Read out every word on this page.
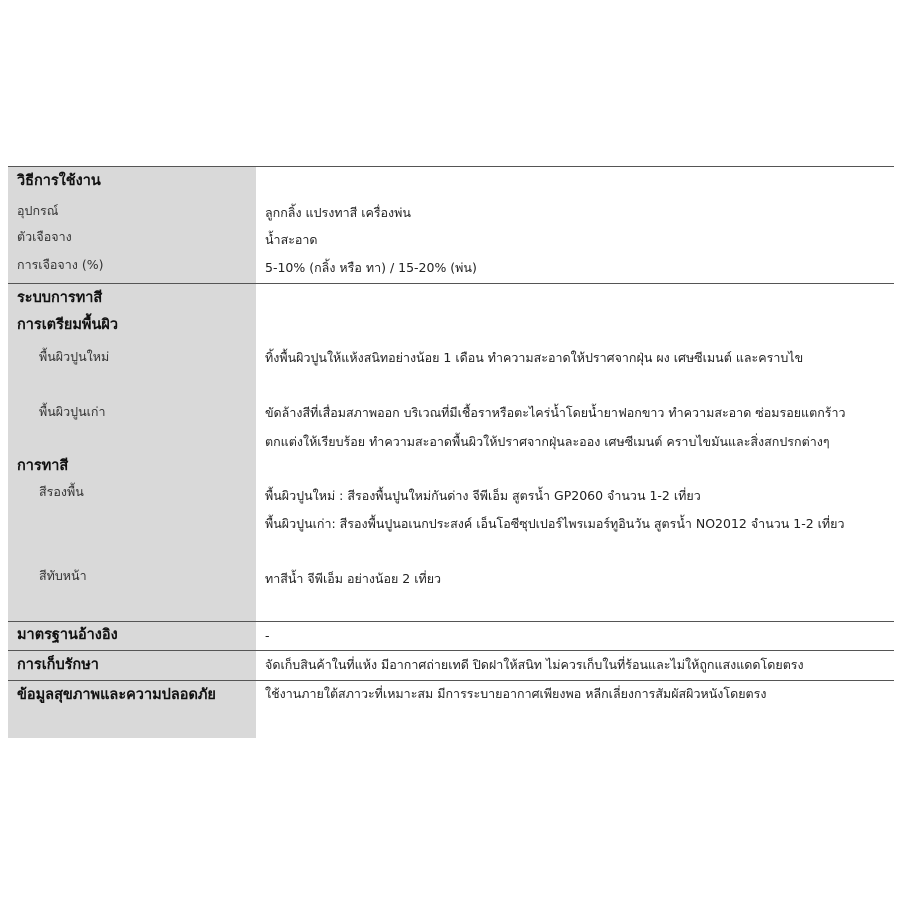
วิธีการใช้งาน
อุปกรณ์	ลูกกลิ้ง แปรงทาสี เครื่องพ่น
ตัวเจือจาง	น้ำสะอาด
การเจือจาง (%)	5-10% (กลิ้ง หรือ ทา) / 15-20% (พ่น)
ระบบการทาสี
การเตรียมพื้นผิว
พื้นผิวปูนใหม่	ทิ้งพื้นผิวปูนให้แห้งสนิทอย่างน้อย 1 เดือน ทำความสะอาดให้ปราศจากฝุ่น ผง เศษซีเมนต์ และคราบไข
พื้นผิวปูนเก่า	ขัดล้างสีที่เสื่อมสภาพออก บริเวณที่มีเชื้อราหรือตะไคร่น้ำโดยน้ำยาฟอกขาว ทำความสะอาด ซ่อมรอยแตกร้าว
ตกแต่งให้เรียบร้อย ทำความสะอาดพื้นผิวให้ปราศจากฝุ่นละออง เศษซีเมนต์ คราบไขมันและสิ่งสกปรกต่างๆ
การทาสี
สีรองพื้น	พื้นผิวปูนใหม่ : สีรองพื้นปูนใหม่กันด่าง จีพีเอ็ม สูตรน้ำ GP2060 จำนวน 1-2 เที่ยว
พื้นผิวปูนเก่า: สีรองพื้นปูนอเนกประสงค์ เอ็นโอซีซุปเปอร์ไพรเมอร์ทูอินวัน สูตรน้ำ NO2012 จำนวน 1-2 เที่ยว
สีทับหน้า	ทาสีน้ำ จีพีเอ็ม อย่างน้อย 2 เที่ยว
มาตรฐานอ้างอิง	-
การเก็บรักษา	จัดเก็บสินค้าในที่แห้ง มีอากาศถ่ายเทดี ปิดฝาให้สนิท ไม่ควรเก็บในที่ร้อนและไม่ให้ถูกแสงแดดโดยตรง
ข้อมูลสุขภาพและความปลอดภัย	ใช้งานภายใต้สภาวะที่เหมาะสม มีการระบายอากาศเพียงพอ หลีกเลี่ยงการสัมผัสผิวหนังโดยตรง
